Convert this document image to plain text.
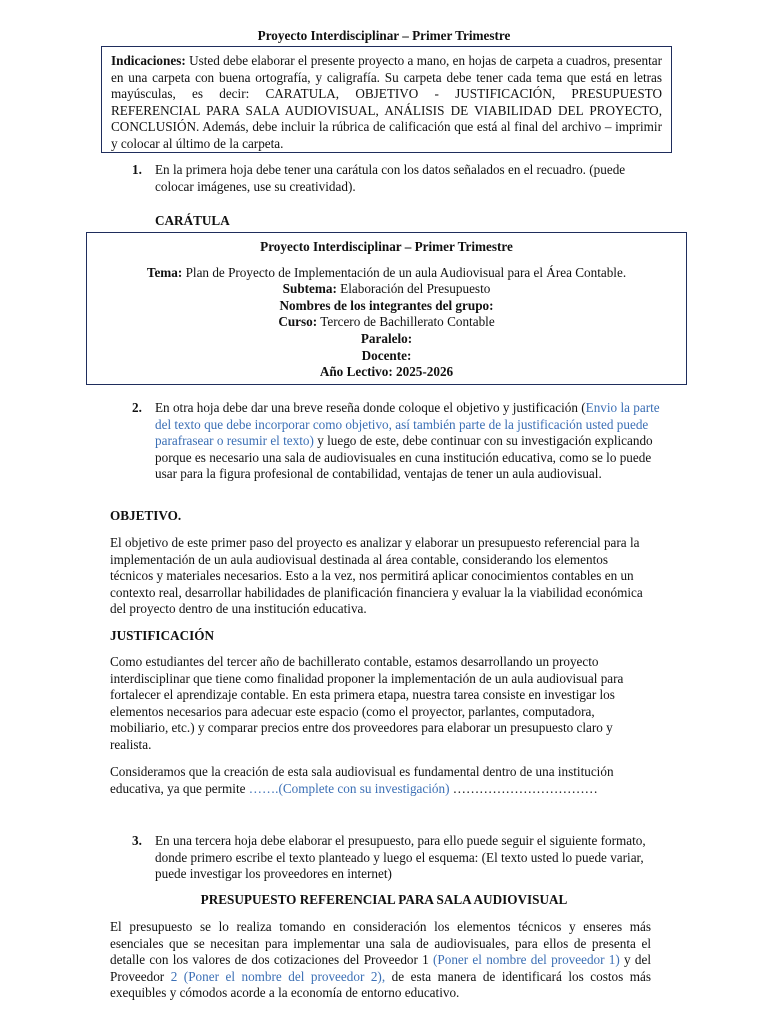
Proyecto Interdisciplinar – Primer Trimestre
Indicaciones: Usted debe elaborar el presente proyecto a mano, en hojas de carpeta a cuadros, presentar en una carpeta con buena ortografía, y caligrafía. Su carpeta debe tener cada tema que está en letras mayúsculas, es decir: CARATULA, OBJETIVO - JUSTIFICACIÓN, PRESUPUESTO REFERENCIAL PARA SALA AUDIOVISUAL, ANÁLISIS DE VIABILIDAD DEL PROYECTO, CONCLUSIÓN. Además, debe incluir la rúbrica de calificación que está al final del archivo – imprimir y colocar al último de la carpeta.
1. En la primera hoja debe tener una carátula con los datos señalados en el recuadro. (puede colocar imágenes, use su creatividad).
CARÁTULA
Proyecto Interdisciplinar – Primer Trimestre
Tema: Plan de Proyecto de Implementación de un aula Audiovisual para el Área Contable.
Subtema: Elaboración del Presupuesto
Nombres de los integrantes del grupo:
Curso: Tercero de Bachillerato Contable
Paralelo:
Docente:
Año Lectivo: 2025-2026
2. En otra hoja debe dar una breve reseña donde coloque el objetivo y justificación (Envio la parte del texto que debe incorporar como objetivo, así también parte de la justificación usted puede parafrasear o resumir el texto) y luego de este, debe continuar con su investigación explicando porque es necesario una sala de audiovisuales en cuna institución educativa, como se lo puede usar para la figura profesional de contabilidad, ventajas de tener un aula audiovisual.
OBJETIVO.
El objetivo de este primer paso del proyecto es analizar y elaborar un presupuesto referencial para la implementación de un aula audiovisual destinada al área contable, considerando los elementos técnicos y materiales necesarios. Esto a la vez, nos permitirá aplicar conocimientos contables en un contexto real, desarrollar habilidades de planificación financiera y evaluar la la viabilidad económica del proyecto dentro de una institución educativa.
JUSTIFICACIÓN
Como estudiantes del tercer año de bachillerato contable, estamos desarrollando un proyecto interdisciplinar que tiene como finalidad proponer la implementación de un aula audiovisual para fortalecer el aprendizaje contable. En esta primera etapa, nuestra tarea consiste en investigar los elementos necesarios para adecuar este espacio (como el proyector, parlantes, computadora, mobiliario, etc.) y comparar precios entre dos proveedores para elaborar un presupuesto claro y realista.
Consideramos que la creación de esta sala audiovisual es fundamental dentro de una institución educativa, ya que permite …….(Complete con su investigación) ……………………………
3. En una tercera hoja debe elaborar el presupuesto, para ello puede seguir el siguiente formato, donde primero escribe el texto planteado y luego el esquema: (El texto usted lo puede variar, puede investigar los proveedores en internet)
PRESUPUESTO REFERENCIAL PARA SALA AUDIOVISUAL
El presupuesto se lo realiza tomando en consideración los elementos técnicos y enseres más esenciales que se necesitan para implementar una sala de audiovisuales, para ellos de presenta el detalle con los valores de dos cotizaciones del Proveedor 1 (Poner el nombre del proveedor 1) y del Proveedor 2 (Poner el nombre del proveedor 2), de esta manera de identificará los costos más exequibles y cómodos acorde a la economía de entorno educativo.
